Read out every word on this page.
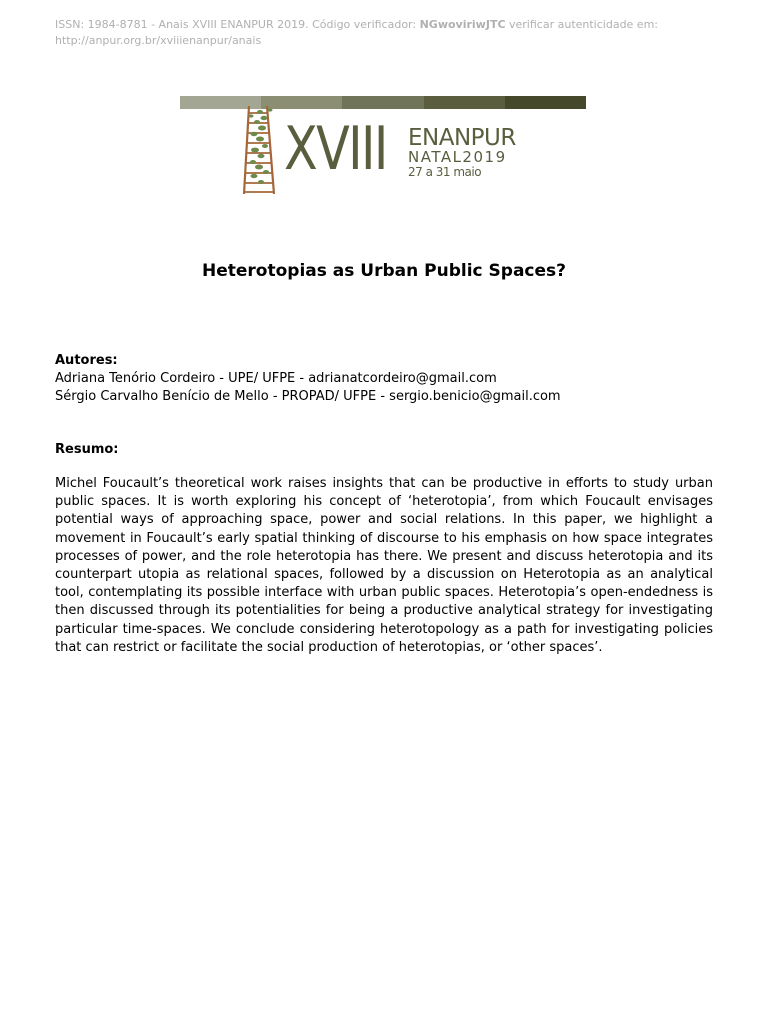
ISSN: 1984-8781 - Anais XVIII ENANPUR 2019. Código verificador: NGwoviriwJTC verificar autenticidade em:
http://anpur.org.br/xviiienanpur/anais
XVIII ENANPUR
NATAL2019
27 a 31 maio
Heterotopias as Urban Public Spaces?
Autores:
Adriana Tenório Cordeiro - UPE/ UFPE - adrianatcordeiro@gmail.com
Sérgio Carvalho Benício de Mello - PROPAD/ UFPE - sergio.benicio@gmail.com
Resumo:

Michel Foucault’s theoretical work raises insights that can be productive in efforts to study urban public spaces. It is worth exploring his concept of ‘heterotopia’, from which Foucault envisages potential ways of approaching space, power and social relations. In this paper, we highlight a movement in Foucault’s early spatial thinking of discourse to his emphasis on how space integrates processes of power, and the role heterotopia has there. We present and discuss heterotopia and its counterpart utopia as relational spaces, followed by a discussion on Heterotopia as an analytical tool, contemplating its possible interface with urban public spaces. Heterotopia’s open-endedness is then discussed through its potentialities for being a productive analytical strategy for investigating particular time-spaces. We conclude considering heterotopology as a path for investigating policies that can restrict or facilitate the social production of heterotopias, or ‘other spaces’.
